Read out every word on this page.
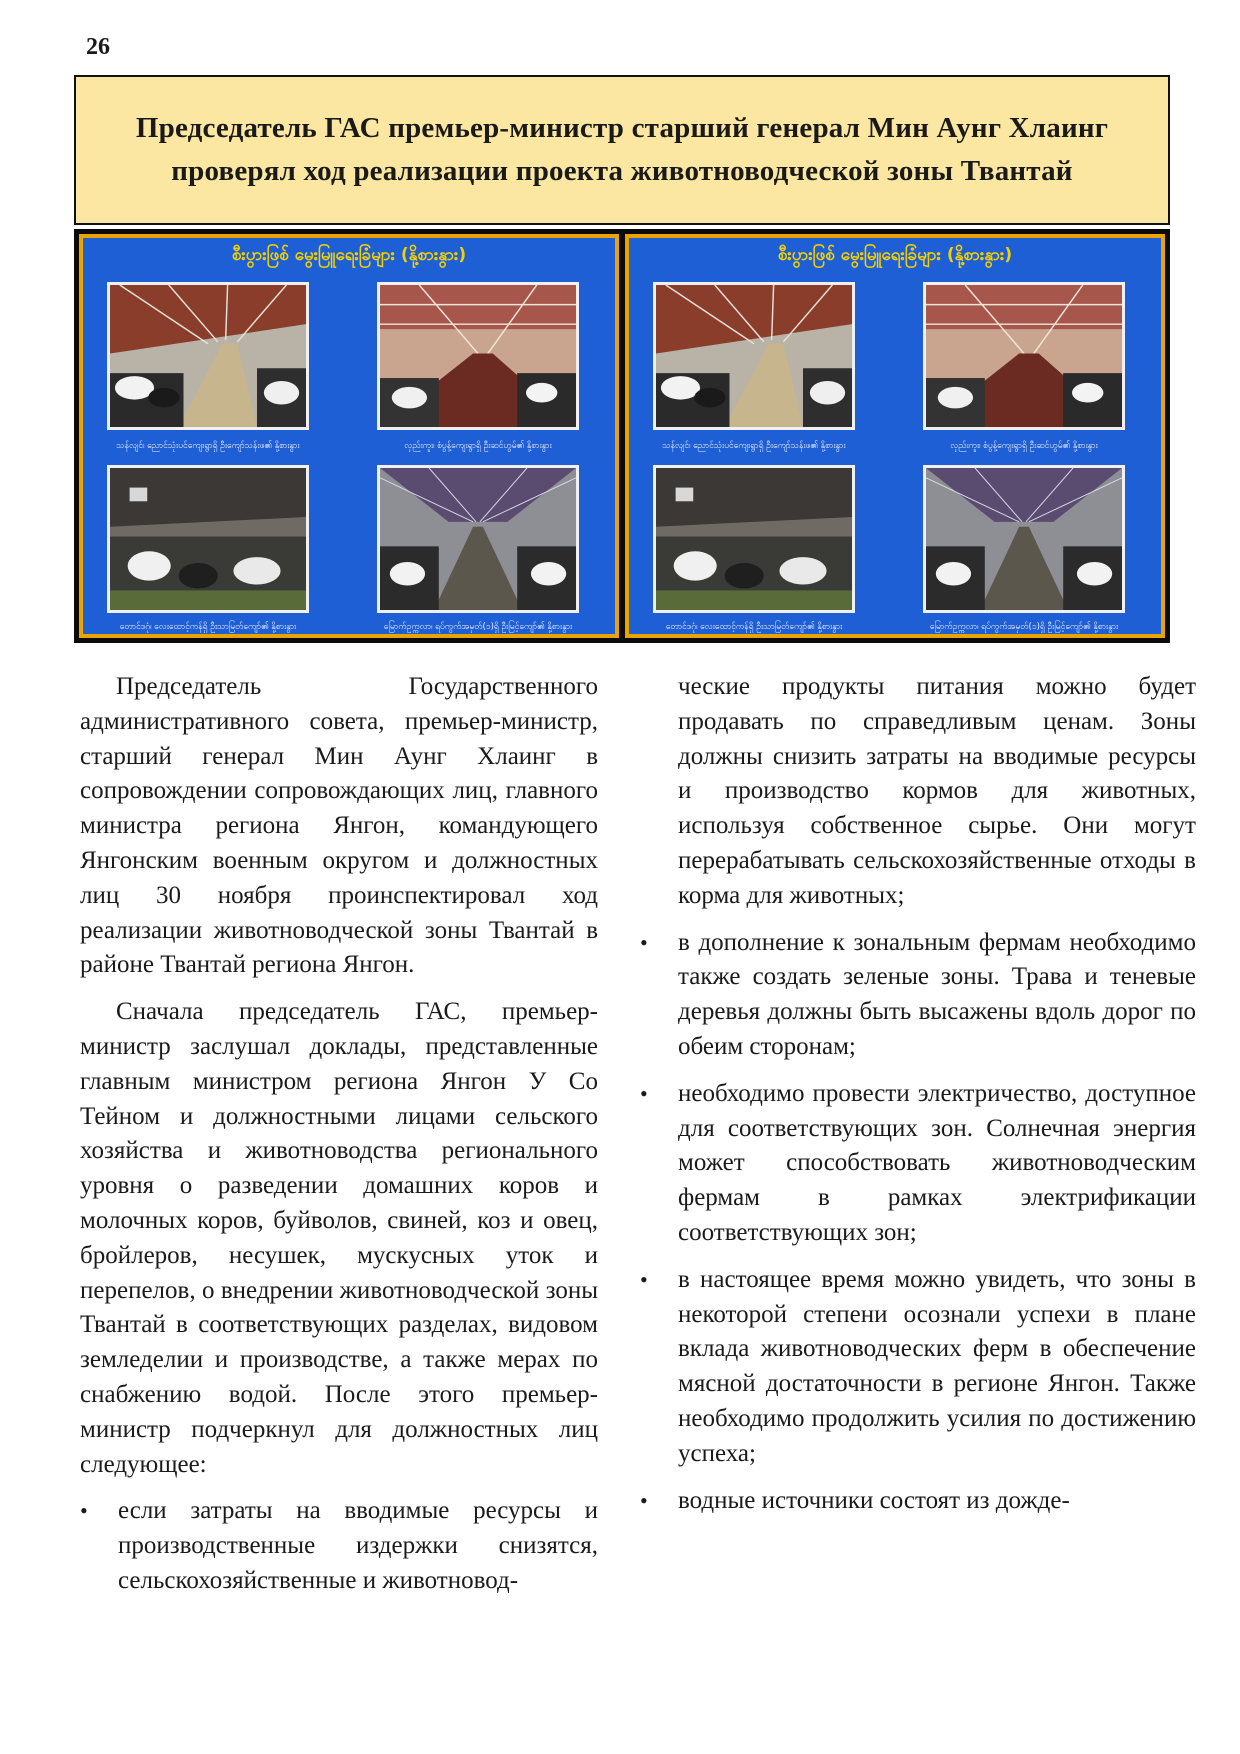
26
Председатель ГАС премьер-министр старший генерал Мин Аунг Хлаинг проверял ход реализации проекта животноводческой зоны Твантай
စီးပွားဖြစ် မွေးမြူရေးခြံများ (နို့စားနွား)
သန်လျင်၊ ညောင်သုံးပင်ကျေးရွာရှိ ဦးကျော်သန်းဖ၏ နို့စားနွား	လှည်းကူး၊ စံပွန့်ကျေးရွာရှိ ဦးဆင်ဟွမ်၏ နို့စားနွား
တောင်ဒဂုံ၊ လေးထောင့်ကန်ရှိ ဦးသာမြတ်ကျော်၏ နို့စားနွား	မြောက်ဥက္ကလာ၊ ရပ်ကွက်အမှတ်(၁)ရှိ ဦးမြင့်ကျော်၏ နို့စားနွား
စီးပွားဖြစ် မွေးမြူရေးခြံများ (နို့စားနွား)
သန်လျင်၊ ညောင်သုံးပင်ကျေးရွာရှိ ဦးကျော်သန်းဖ၏ နို့စားနွား	လှည်းကူး၊ စံပွန့်ကျေးရွာရှိ ဦးဆင်ဟွမ်၏ နို့စားနွား
တောင်ဒဂုံ၊ လေးထောင့်ကန်ရှိ ဦးသာမြတ်ကျော်၏ နို့စားနွား	မြောက်ဥက္ကလာ၊ ရပ်ကွက်အမှတ်(၁)ရှိ ဦးမြင့်ကျော်၏ နို့စားနွား

Председатель Государственного административного совета, премьер-министр, старший генерал Мин Аунг Хлаинг в сопровождении сопровождающих лиц, главного министра региона Янгон, командующего Янгонским военным округом и должностных лиц 30 ноября проинспектировал ход реализации животноводческой зоны Твантай в районе Твантай региона Янгон.

Сначала председатель ГАС, премьер-министр заслушал доклады, представленные главным министром региона Янгон У Со Тейном и должностными лицами сельского хозяйства и животноводства регионального уровня о разведении домашних коров и молочных коров, буйволов, свиней, коз и овец, бройлеров, несушек, мускусных уток и перепелов, о внедрении животноводческой зоны Твантай в соответствующих разделах, видовом земледелии и производстве, а также мерах по снабжению водой. После этого премьер-министр подчеркнул для должностных лиц следующее:

• если затраты на вводимые ресурсы и производственные издержки снизятся, сельскохозяйственные и животновод-

ческие продукты питания можно будет продавать по справедливым ценам. Зоны должны снизить затраты на вводимые ресурсы и производство кормов для животных, используя собственное сырье. Они могут перерабатывать сельскохозяйственные отходы в корма для животных;

• в дополнение к зональным фермам необходимо также создать зеленые зоны. Трава и теневые деревья должны быть высажены вдоль дорог по обеим сторонам;
• необходимо провести электричество, доступное для соответствующих зон. Солнечная энергия может способствовать животноводческим фермам в рамках электрификации соответствующих зон;
• в настоящее время можно увидеть, что зоны в некоторой степени осознали успехи в плане вклада животноводческих ферм в обеспечение мясной достаточности в регионе Янгон. Также необходимо продолжить усилия по достижению успеха;
• водные источники состоят из дожде-
